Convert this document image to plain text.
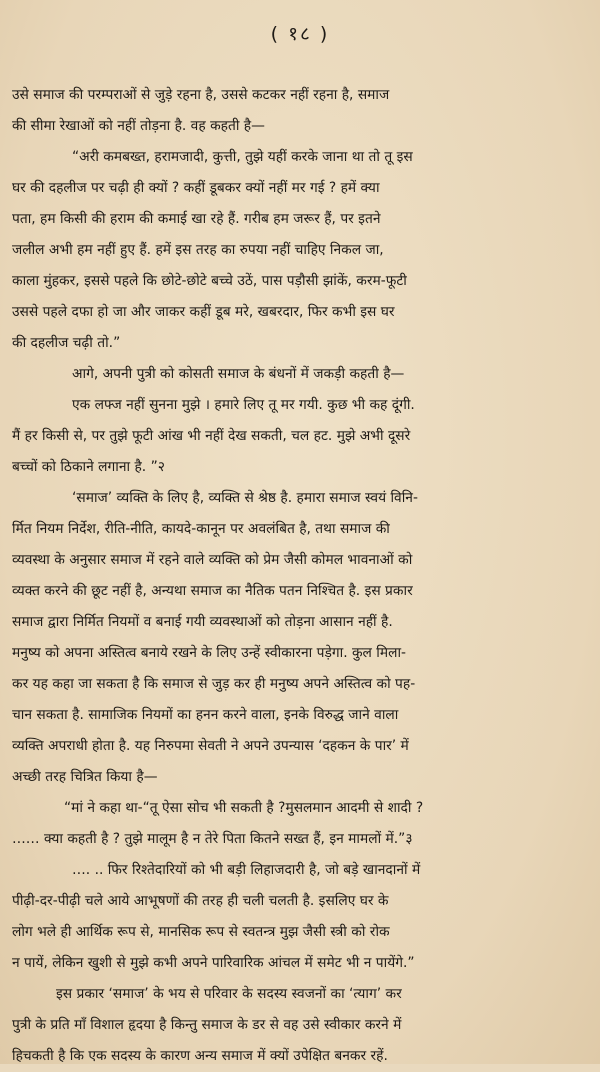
( १८ )
उसे समाज की परम्पराओं से जुड़े रहना है, उससे कटकर नहीं रहना है, समाज
की सीमा रेखाओं को नहीं तोड़ना है. वह कहती है—
“अरी कमबख्त, हरामजादी, कुत्ती, तुझे यहीं करके जाना था तो तू इस
घर की दहलीज पर चढ़ी ही क्यों ? कहीं डूबकर क्यों नहीं मर गई ? हमें क्या
पता, हम किसी की हराम की कमाई खा रहे हैं. गरीब हम जरूर हैं, पर इतने
जलील अभी हम नहीं हुए हैं. हमें इस तरह का रुपया नहीं चाहिए निकल जा,
काला मुंहकर, इससे पहले कि छोटे-छोटे बच्चे उठें, पास पड़ौसी झांकें, करम-फूटी
उससे पहले दफा हो जा और जाकर कहीं डूब मरे, खबरदार, फिर कभी इस घर
की दहलीज चढ़ी तो.”
आगे, अपनी पुत्री को कोसती समाज के बंधनों में जकड़ी कहती है—
एक लफ्ज नहीं सुनना मुझे । हमारे लिए तू मर गयी. कुछ भी कह दूंगी.
मैं हर किसी से, पर तुझे फूटी आंख भी नहीं देख सकती, चल हट. मुझे अभी दूसरे
बच्चों को ठिकाने लगाना है. ”२
‘समाज’ व्यक्ति के लिए है, व्यक्ति से श्रेष्ठ है. हमारा समाज स्वयं विनि-
र्मित नियम निर्देश, रीति-नीति, कायदे-कानून पर अवलंबित है, तथा समाज की
व्यवस्था के अनुसार समाज में रहने वाले व्यक्ति को प्रेम जैसी कोमल भावनाओं को
व्यक्त करने की छूट नहीं है, अन्यथा समाज का नैतिक पतन निश्चित है. इस प्रकार
समाज द्वारा निर्मित नियमों व बनाई गयी व्यवस्थाओं को तोड़ना आसान नहीं है.
मनुष्य को अपना अस्तित्व बनाये रखने के लिए उन्हें स्वीकारना पड़ेगा. कुल मिला-
कर यह कहा जा सकता है कि समाज से जुड़ कर ही मनुष्य अपने अस्तित्व को पह-
चान सकता है. सामाजिक नियमों का हनन करने वाला, इनके विरुद्ध जाने वाला
व्यक्ति अपराधी होता है. यह निरुपमा सेवती ने अपने उपन्यास ‘दहकन के पार’ में
अच्छी तरह चित्रित किया है—
“मां ने कहा था-“तू ऐसा सोच भी सकती है ?मुसलमान आदमी से शादी ?
…… क्या कहती है ? तुझे मालूम है न तेरे पिता कितने सख्त हैं, इन मामलों में.”३
…. .. फिर रिश्तेदारियों को भी बड़ी लिहाजदारी है, जो बड़े खानदानों में
पीढ़ी-दर-पीढ़ी चले आये आभूषणों की तरह ही चली चलती है. इसलिए घर के
लोग भले ही आर्थिक रूप से, मानसिक रूप से स्वतन्त्र मुझ जैसी स्त्री को रोक
न पायें, लेकिन खुशी से मुझे कभी अपने पारिवारिक आंचल में समेट भी न पायेंगे.”
इस प्रकार ‘समाज’ के भय से परिवार के सदस्य स्वजनों का ‘त्याग’ कर
पुत्री के प्रति माँ विशाल हृदया है किन्तु समाज के डर से वह उसे स्वीकार करने में
हिचकती है कि एक सदस्य के कारण अन्य समाज में क्यों उपेक्षित बनकर रहें.
